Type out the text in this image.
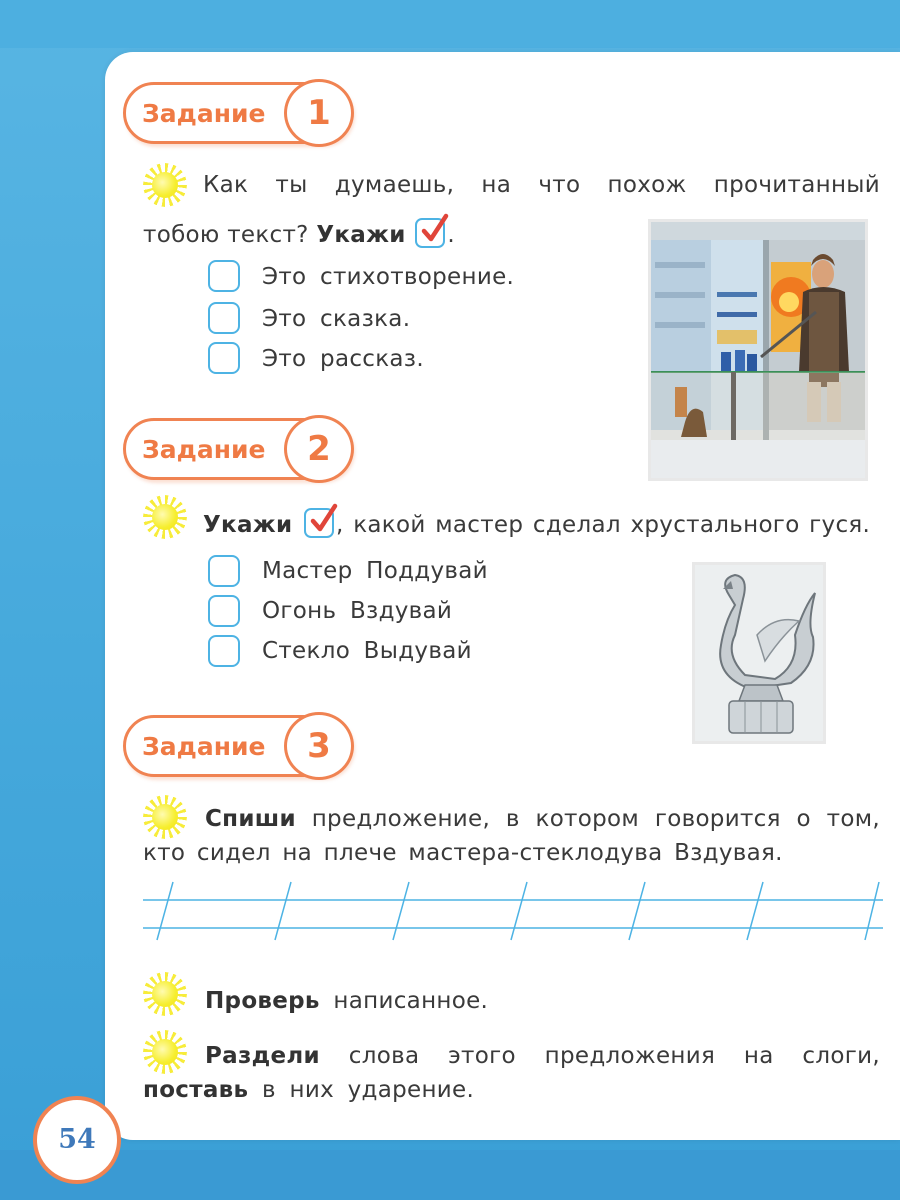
Задание	1
Как ты думаешь, на что похож прочитанный
тобою текст? Укажи .
Это стихотворение.
Это сказка.
Это рассказ.
Задание	2
Укажи , какой мастер сделал хрустального гуся.
Мастер Поддувай
Огонь Вздувай
Стекло Выдувай
Задание	3
Спиши предложение, в котором говорится о том,
кто сидел на плече мастера-стеклодува Вздувая.
Проверь написанное.
Раздели слова этого предложения на слоги,
поставь в них ударение.
54
